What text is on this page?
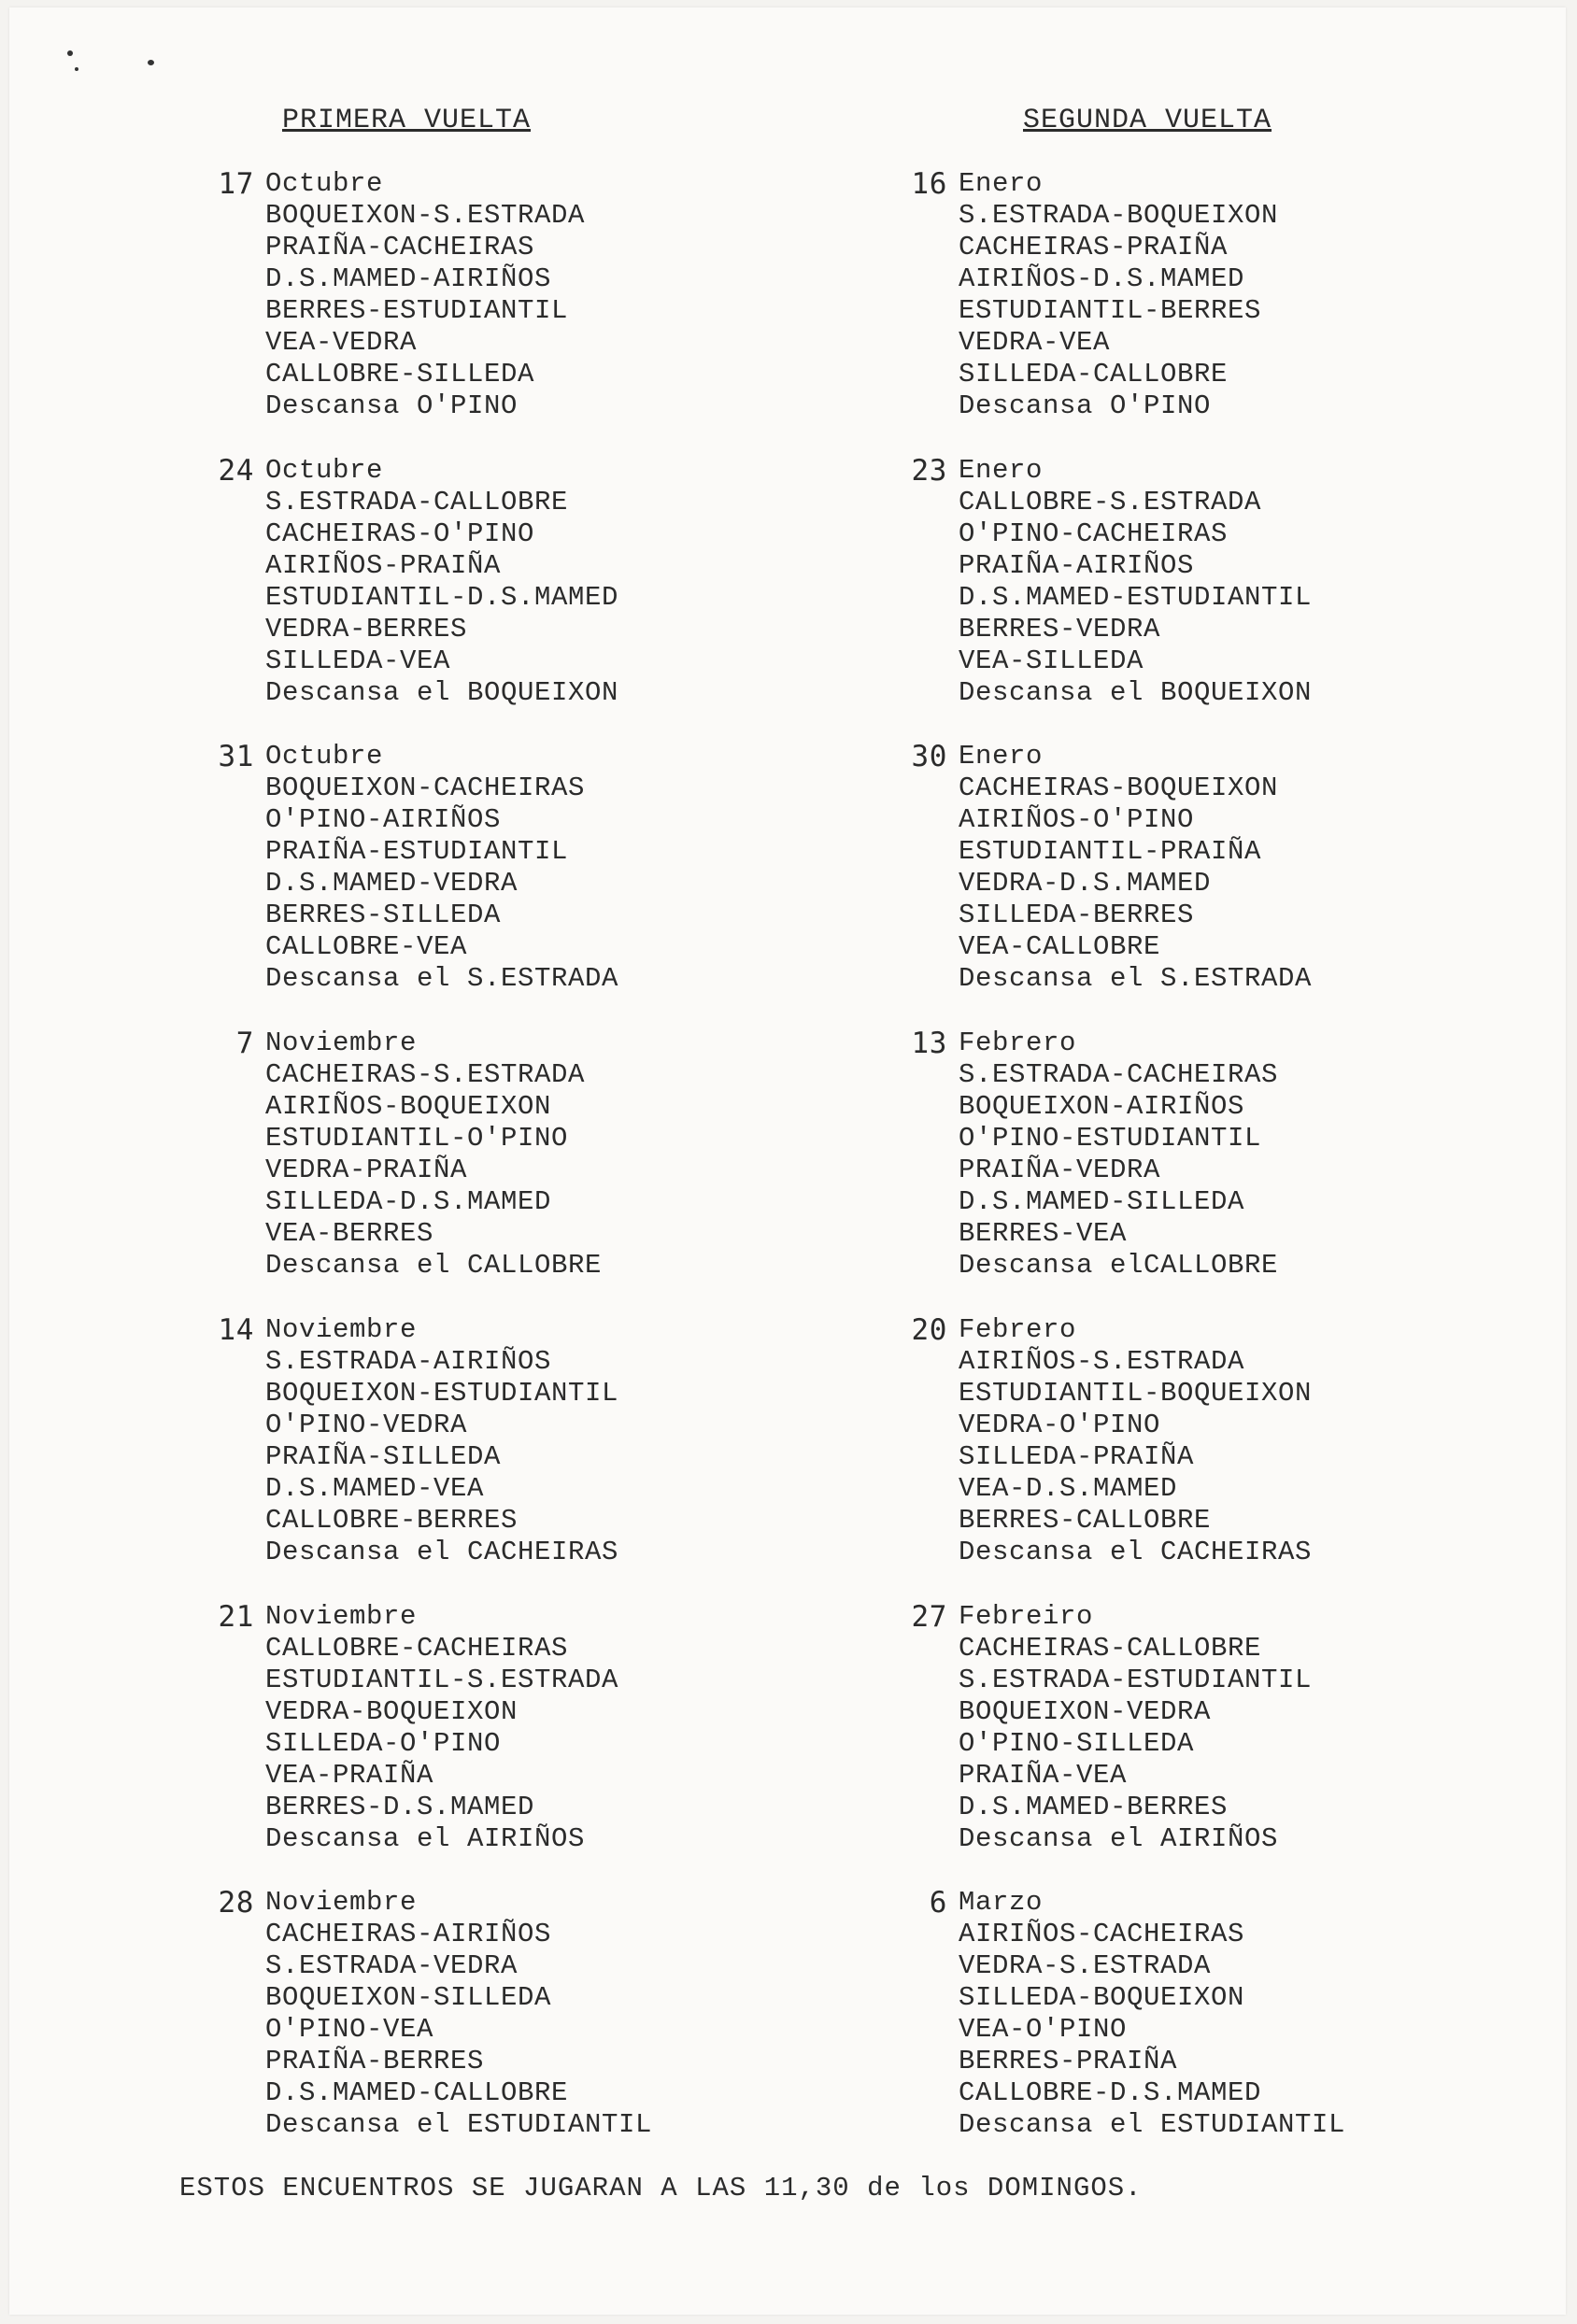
PRIMERA VUELTA	SEGUNDA VUELTA
17 Octubre
BOQUEIXON-S.ESTRADA
PRAIÑA-CACHEIRAS
D.S.MAMED-AIRIÑOS
BERRES-ESTUDIANTIL
VEA-VEDRA
CALLOBRE-SILLEDA
Descansa O'PINO
24 Octubre
S.ESTRADA-CALLOBRE
CACHEIRAS-O'PINO
AIRIÑOS-PRAIÑA
ESTUDIANTIL-D.S.MAMED
VEDRA-BERRES
SILLEDA-VEA
Descansa el BOQUEIXON
31 Octubre
BOQUEIXON-CACHEIRAS
O'PINO-AIRIÑOS
PRAIÑA-ESTUDIANTIL
D.S.MAMED-VEDRA
BERRES-SILLEDA
CALLOBRE-VEA
Descansa el S.ESTRADA
7 Noviembre
CACHEIRAS-S.ESTRADA
AIRIÑOS-BOQUEIXON
ESTUDIANTIL-O'PINO
VEDRA-PRAIÑA
SILLEDA-D.S.MAMED
VEA-BERRES
Descansa el CALLOBRE
14 Noviembre
S.ESTRADA-AIRIÑOS
BOQUEIXON-ESTUDIANTIL
O'PINO-VEDRA
PRAIÑA-SILLEDA
D.S.MAMED-VEA
CALLOBRE-BERRES
Descansa el CACHEIRAS
21 Noviembre
CALLOBRE-CACHEIRAS
ESTUDIANTIL-S.ESTRADA
VEDRA-BOQUEIXON
SILLEDA-O'PINO
VEA-PRAIÑA
BERRES-D.S.MAMED
Descansa el AIRIÑOS
28 Noviembre
CACHEIRAS-AIRIÑOS
S.ESTRADA-VEDRA
BOQUEIXON-SILLEDA
O'PINO-VEA
PRAIÑA-BERRES
D.S.MAMED-CALLOBRE
Descansa el ESTUDIANTIL
16 Enero
S.ESTRADA-BOQUEIXON
CACHEIRAS-PRAIÑA
AIRIÑOS-D.S.MAMED
ESTUDIANTIL-BERRES
VEDRA-VEA
SILLEDA-CALLOBRE
Descansa O'PINO
23 Enero
CALLOBRE-S.ESTRADA
O'PINO-CACHEIRAS
PRAIÑA-AIRIÑOS
D.S.MAMED-ESTUDIANTIL
BERRES-VEDRA
VEA-SILLEDA
Descansa el BOQUEIXON
30 Enero
CACHEIRAS-BOQUEIXON
AIRIÑOS-O'PINO
ESTUDIANTIL-PRAIÑA
VEDRA-D.S.MAMED
SILLEDA-BERRES
VEA-CALLOBRE
Descansa el S.ESTRADA
13 Febrero
S.ESTRADA-CACHEIRAS
BOQUEIXON-AIRIÑOS
O'PINO-ESTUDIANTIL
PRAIÑA-VEDRA
D.S.MAMED-SILLEDA
BERRES-VEA
Descansa elCALLOBRE
20 Febrero
AIRIÑOS-S.ESTRADA
ESTUDIANTIL-BOQUEIXON
VEDRA-O'PINO
SILLEDA-PRAIÑA
VEA-D.S.MAMED
BERRES-CALLOBRE
Descansa el CACHEIRAS
27 Febreiro
CACHEIRAS-CALLOBRE
S.ESTRADA-ESTUDIANTIL
BOQUEIXON-VEDRA
O'PINO-SILLEDA
PRAIÑA-VEA
D.S.MAMED-BERRES
Descansa el AIRIÑOS
6 Marzo
AIRIÑOS-CACHEIRAS
VEDRA-S.ESTRADA
SILLEDA-BOQUEIXON
VEA-O'PINO
BERRES-PRAIÑA
CALLOBRE-D.S.MAMED
Descansa el ESTUDIANTIL
ESTOS ENCUENTROS SE JUGARAN A LAS 11,30 de los DOMINGOS.
